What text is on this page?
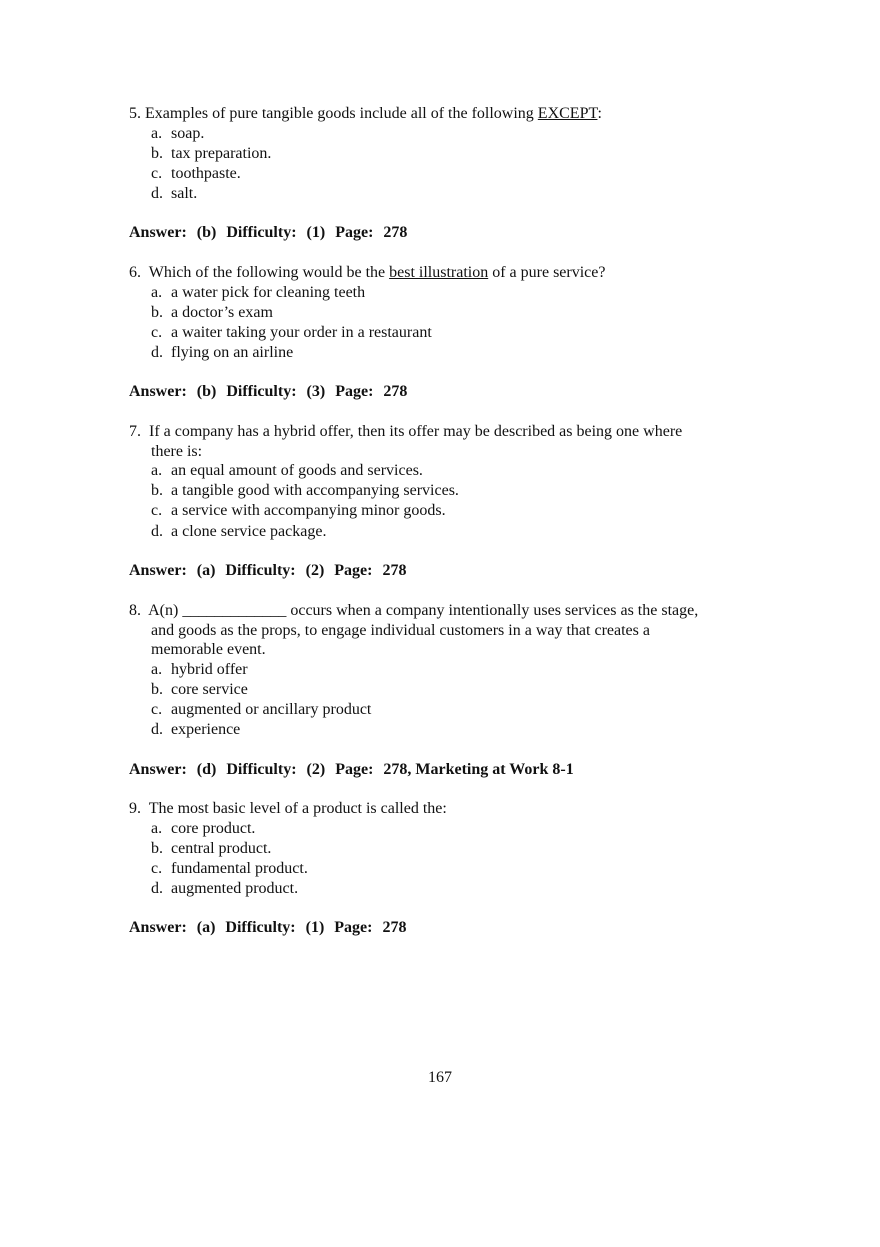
5. Examples of pure tangible goods include all of the following EXCEPT:
a. soap.
b. tax preparation.
c. toothpaste.
d. salt.
Answer: (b) Difficulty: (1) Page: 278
6. Which of the following would be the best illustration of a pure service?
a. a water pick for cleaning teeth
b. a doctor’s exam
c. a waiter taking your order in a restaurant
d. flying on an airline
Answer: (b) Difficulty: (3) Page: 278
7. If a company has a hybrid offer, then its offer may be described as being one where
there is:
a. an equal amount of goods and services.
b. a tangible good with accompanying services.
c. a service with accompanying minor goods.
d. a clone service package.
Answer: (a) Difficulty: (2) Page: 278
8. A(n) _____________ occurs when a company intentionally uses services as the stage,
and goods as the props, to engage individual customers in a way that creates a
memorable event.
a. hybrid offer
b. core service
c. augmented or ancillary product
d. experience
Answer: (d) Difficulty: (2) Page: 278, Marketing at Work 8-1
9. The most basic level of a product is called the:
a. core product.
b. central product.
c. fundamental product.
d. augmented product.
Answer: (a) Difficulty: (1) Page: 278
167
